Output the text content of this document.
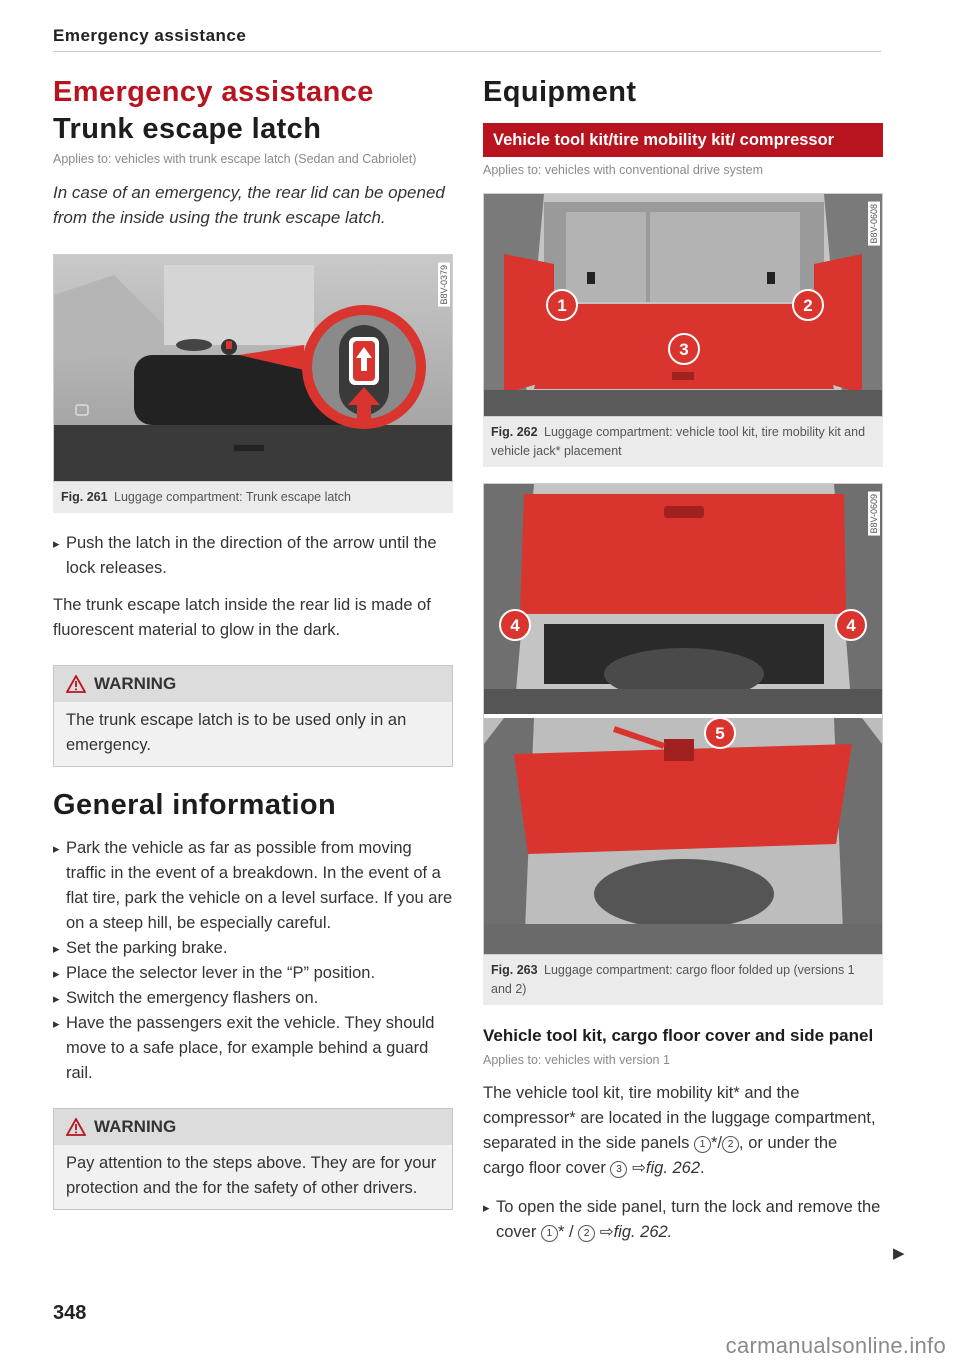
Emergency assistance
Emergency assistance
Trunk escape latch
Applies to: vehicles with trunk escape latch (Sedan and Cabriolet)
In case of an emergency, the rear lid can be opened from the inside using the trunk escape latch.
B8V-0379
Fig. 261 Luggage compartment: Trunk escape latch
▸ Push the latch in the direction of the arrow until the lock releases.
The trunk escape latch inside the rear lid is made of fluorescent material to glow in the dark.
WARNING
The trunk escape latch is to be used only in an emergency.
General information
▸ Park the vehicle as far as possible from moving traffic in the event of a breakdown. In the event of a flat tire, park the vehicle on a level surface. If you are on a steep hill, be especially careful.
▸ Set the parking brake.
▸ Place the selector lever in the “P” position.
▸ Switch the emergency flashers on.
▸ Have the passengers exit the vehicle. They should move to a safe place, for example behind a guard rail.
WARNING
Pay attention to the steps above. They are for your protection and the for the safety of other drivers.
Equipment
Vehicle tool kit/tire mobility kit/ compressor
Applies to: vehicles with conventional drive system
1	2
3
B8V-0608
Fig. 262 Luggage compartment: vehicle tool kit, tire mobility kit and vehicle jack* placement
4	4
5
B8V-0609
Fig. 263 Luggage compartment: cargo floor folded up (versions 1 and 2)
Vehicle tool kit, cargo floor cover and side panel
Applies to: vehicles with version 1
The vehicle tool kit, tire mobility kit* and the compressor* are located in the luggage compartment, separated in the side panels 1 */ 2 , or under the cargo floor cover 3 ⇨fig. 262.
▸ To open the side panel, turn the lock and remove the cover 1 * / 2 ⇨fig. 262.
▶
348
carmanualsonline.info
